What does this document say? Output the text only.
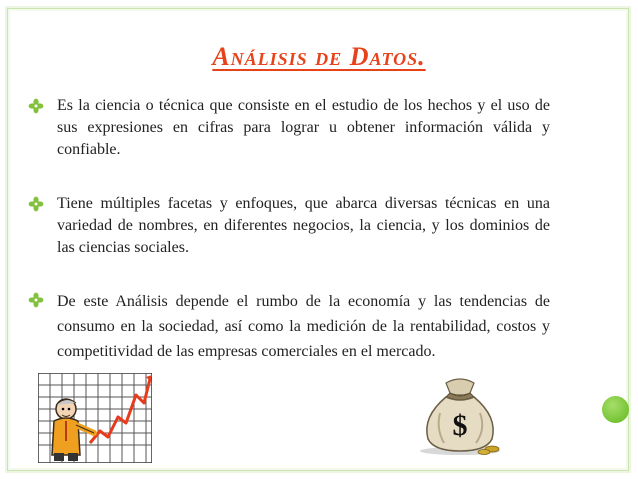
Análisis de Datos.

Es la ciencia o técnica que consiste en el estudio de los hechos y el uso de sus expresiones en cifras para lograr u obtener información válida y confiable.

Tiene múltiples facetas y enfoques, que abarca diversas técnicas en una variedad de nombres, en diferentes negocios, la ciencia, y los dominios de las ciencias sociales.

De este Análisis depende el rumbo de la economía y las tendencias de consumo en la sociedad, así como la medición de la rentabilidad, costos y competitividad de las empresas comerciales en el mercado.

$
